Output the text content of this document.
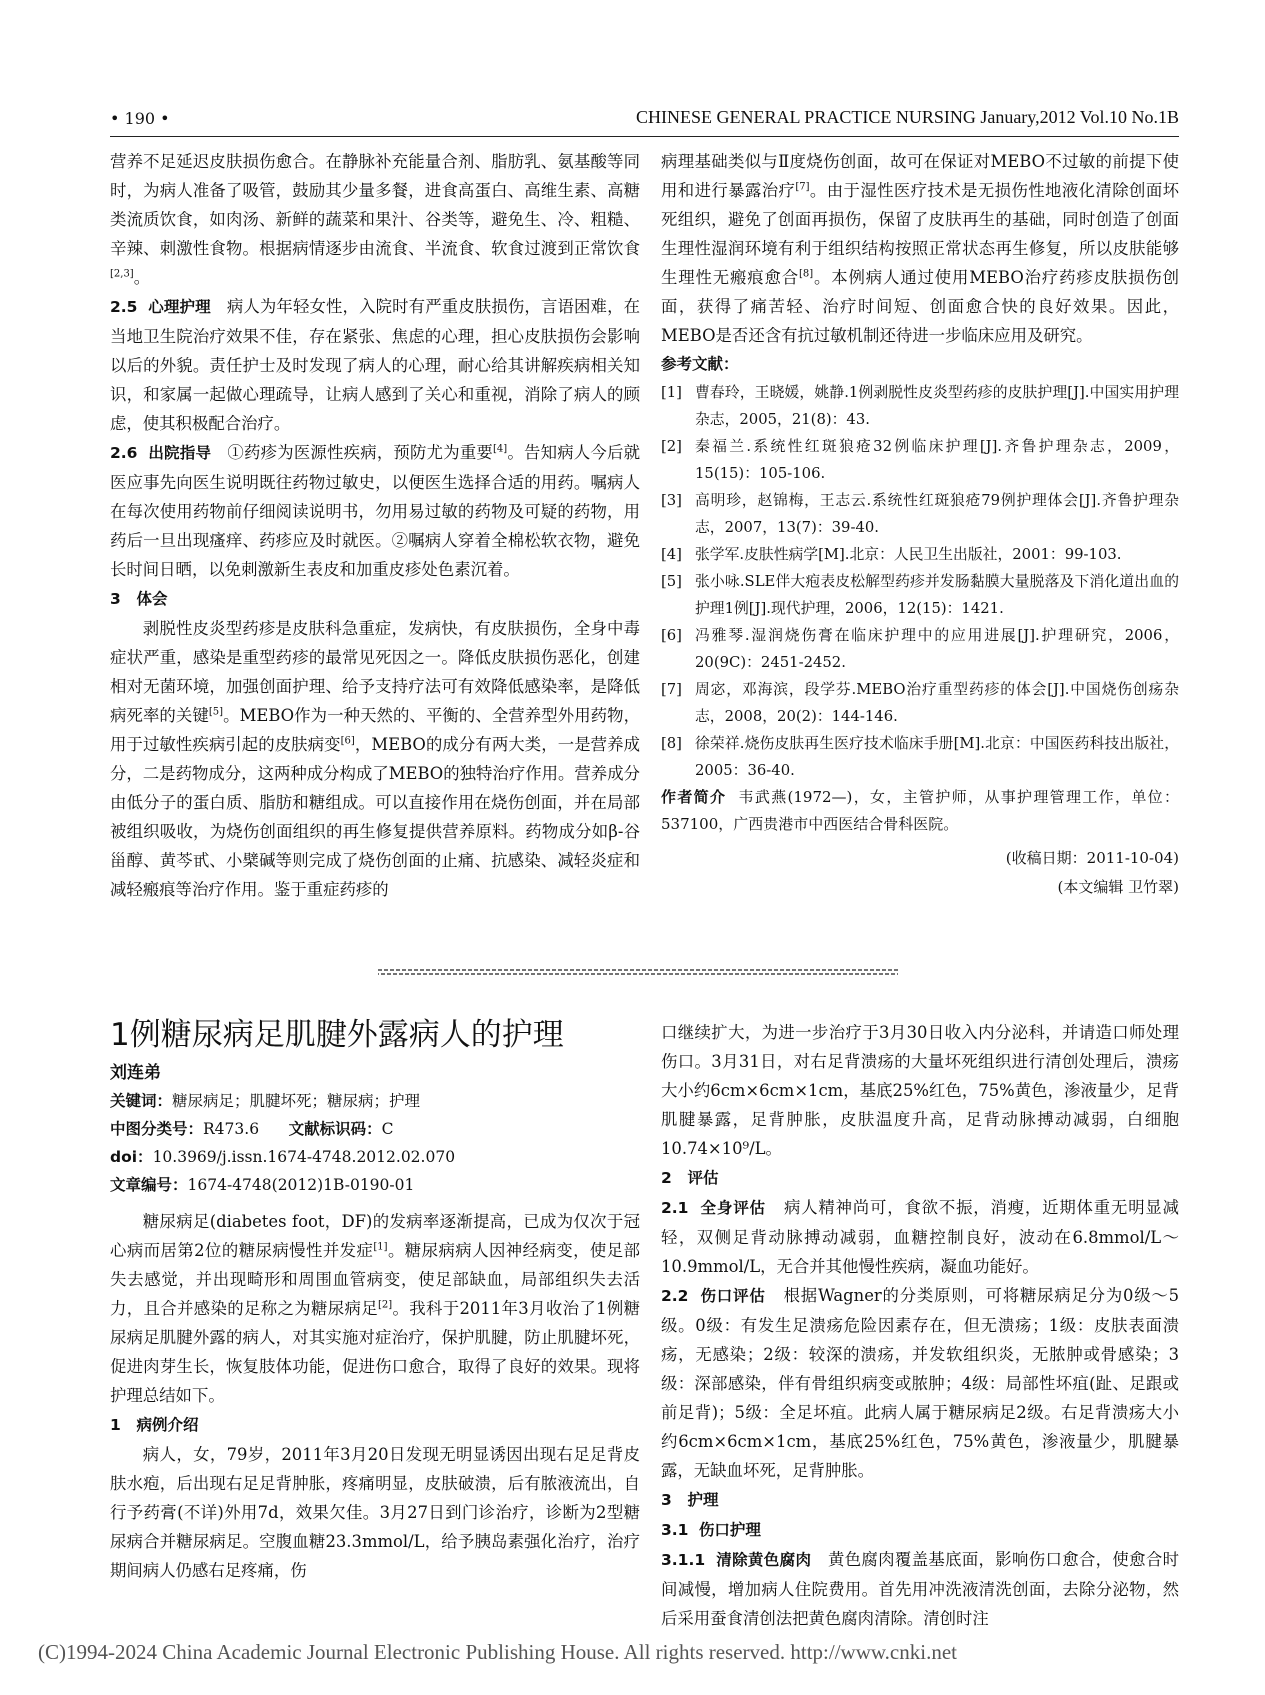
• 190 •	CHINESE GENERAL PRACTICE NURSING January,2012 Vol.10 No.1B

营养不足延迟皮肤损伤愈合。在静脉补充能量合剂、脂肪乳、氨基酸等同时，为病人准备了吸管，鼓励其少量多餐，进食高蛋白、高维生素、高糖类流质饮食，如肉汤、新鲜的蔬菜和果汁、谷类等，避免生、冷、粗糙、辛辣、刺激性食物。根据病情逐步由流食、半流食、软食过渡到正常饮食[2,3]。

2.5 心理护理 病人为年轻女性，入院时有严重皮肤损伤，言语困难，在当地卫生院治疗效果不佳，存在紧张、焦虑的心理，担心皮肤损伤会影响以后的外貌。责任护士及时发现了病人的心理，耐心给其讲解疾病相关知识，和家属一起做心理疏导，让病人感到了关心和重视，消除了病人的顾虑，使其积极配合治疗。

2.6 出院指导 ①药疹为医源性疾病，预防尤为重要[4]。告知病人今后就医应事先向医生说明既往药物过敏史，以便医生选择合适的用药。嘱病人在每次使用药物前仔细阅读说明书，勿用易过敏的药物及可疑的药物，用药后一旦出现瘙痒、药疹应及时就医。②嘱病人穿着全棉松软衣物，避免长时间日晒，以免刺激新生表皮和加重皮疹处色素沉着。

3 体会

剥脱性皮炎型药疹是皮肤科急重症，发病快，有皮肤损伤，全身中毒症状严重，感染是重型药疹的最常见死因之一。降低皮肤损伤恶化，创建相对无菌环境，加强创面护理、给予支持疗法可有效降低感染率，是降低病死率的关键[5]。MEBO作为一种天然的、平衡的、全营养型外用药物，用于过敏性疾病引起的皮肤病变[6]，MEBO的成分有两大类，一是营养成分，二是药物成分，这两种成分构成了MEBO的独特治疗作用。营养成分由低分子的蛋白质、脂肪和糖组成。可以直接作用在烧伤创面，并在局部被组织吸收，为烧伤创面组织的再生修复提供营养原料。药物成分如β-谷甾醇、黄芩甙、小檗碱等则完成了烧伤创面的止痛、抗感染、减轻炎症和减轻瘢痕等治疗作用。鉴于重症药疹的

病理基础类似与Ⅱ度烧伤创面，故可在保证对MEBO不过敏的前提下使用和进行暴露治疗[7]。由于湿性医疗技术是无损伤性地液化清除创面坏死组织，避免了创面再损伤，保留了皮肤再生的基础，同时创造了创面生理性湿润环境有利于组织结构按照正常状态再生修复，所以皮肤能够生理性无瘢痕愈合[8]。本例病人通过使用MEBO治疗药疹皮肤损伤创面，获得了痛苦轻、治疗时间短、创面愈合快的良好效果。因此，MEBO是否还含有抗过敏机制还待进一步临床应用及研究。

参考文献：

[1] 曹春玲，王晓媛，姚静.1例剥脱性皮炎型药疹的皮肤护理[J].中国实用护理杂志，2005，21(8)：43.
[2] 秦福兰.系统性红斑狼疮32例临床护理[J].齐鲁护理杂志，2009，15(15)：105-106.
[3] 高明珍，赵锦梅，王志云.系统性红斑狼疮79例护理体会[J].齐鲁护理杂志，2007，13(7)：39-40.
[4] 张学军.皮肤性病学[M].北京：人民卫生出版社，2001：99-103.
[5] 张小咏.SLE伴大疱表皮松解型药疹并发肠黏膜大量脱落及下消化道出血的护理1例[J].现代护理，2006，12(15)：1421.
[6] 冯雅琴.湿润烧伤膏在临床护理中的应用进展[J].护理研究，2006，20(9C)：2451-2452.
[7] 周宓，邓海滨，段学芬.MEBO治疗重型药疹的体会[J].中国烧伤创疡杂志，2008，20(2)：144-146.
[8] 徐荣祥.烧伤皮肤再生医疗技术临床手册[M].北京：中国医药科技出版社，2005：36-40.

作者简介 韦武燕(1972—)，女，主管护师，从事护理管理工作，单位：537100，广西贵港市中西医结合骨科医院。

(收稿日期：2011-10-04)

(本文编辑 卫竹翠)

1例糖尿病足肌腱外露病人的护理

刘连弟

关键词：糖尿病足；肌腱坏死；糖尿病；护理

中图分类号：R473.6 文献标识码：C

doi：10.3969/j.issn.1674-4748.2012.02.070

文章编号：1674-4748(2012)1B-0190-01

糖尿病足(diabetes foot，DF)的发病率逐渐提高，已成为仅次于冠心病而居第2位的糖尿病慢性并发症[1]。糖尿病病人因神经病变，使足部失去感觉，并出现畸形和周围血管病变，使足部缺血，局部组织失去活力，且合并感染的足称之为糖尿病足[2]。我科于2011年3月收治了1例糖尿病足肌腱外露的病人，对其实施对症治疗，保护肌腱，防止肌腱坏死，促进肉芽生长，恢复肢体功能，促进伤口愈合，取得了良好的效果。现将护理总结如下。

1 病例介绍

病人，女，79岁，2011年3月20日发现无明显诱因出现右足足背皮肤水疱，后出现右足足背肿胀，疼痛明显，皮肤破溃，后有脓液流出，自行予药膏(不详)外用7d，效果欠佳。3月27日到门诊治疗，诊断为2型糖尿病合并糖尿病足。空腹血糖23.3mmol/L，给予胰岛素强化治疗，治疗期间病人仍感右足疼痛，伤

口继续扩大，为进一步治疗于3月30日收入内分泌科，并请造口师处理伤口。3月31日，对右足背溃疡的大量坏死组织进行清创处理后，溃疡大小约6cm×6cm×1cm，基底25%红色，75%黄色，渗液量少，足背肌腱暴露，足背肿胀，皮肤温度升高，足背动脉搏动减弱，白细胞10.74×10⁹/L。

2 评估

2.1 全身评估 病人精神尚可，食欲不振，消瘦，近期体重无明显减轻，双侧足背动脉搏动减弱，血糖控制良好，波动在6.8mmol/L～10.9mmol/L，无合并其他慢性疾病，凝血功能好。

2.2 伤口评估 根据Wagner的分类原则，可将糖尿病足分为0级～5级。0级：有发生足溃疡危险因素存在，但无溃疡；1级：皮肤表面溃疡，无感染；2级：较深的溃疡，并发软组织炎，无脓肿或骨感染；3级：深部感染，伴有骨组织病变或脓肿；4级：局部性坏疽(趾、足跟或前足背)；5级：全足坏疽。此病人属于糖尿病足2级。右足背溃疡大小约6cm×6cm×1cm，基底25%红色，75%黄色，渗液量少，肌腱暴露，无缺血坏死，足背肿胀。

3 护理

3.1 伤口护理

3.1.1 清除黄色腐肉 黄色腐肉覆盖基底面，影响伤口愈合，使愈合时间减慢，增加病人住院费用。首先用冲洗液清洗创面，去除分泌物，然后采用蚕食清创法把黄色腐肉清除。清创时注

(C)1994-2024 China Academic Journal Electronic Publishing House. All rights reserved. http://www.cnki.net
